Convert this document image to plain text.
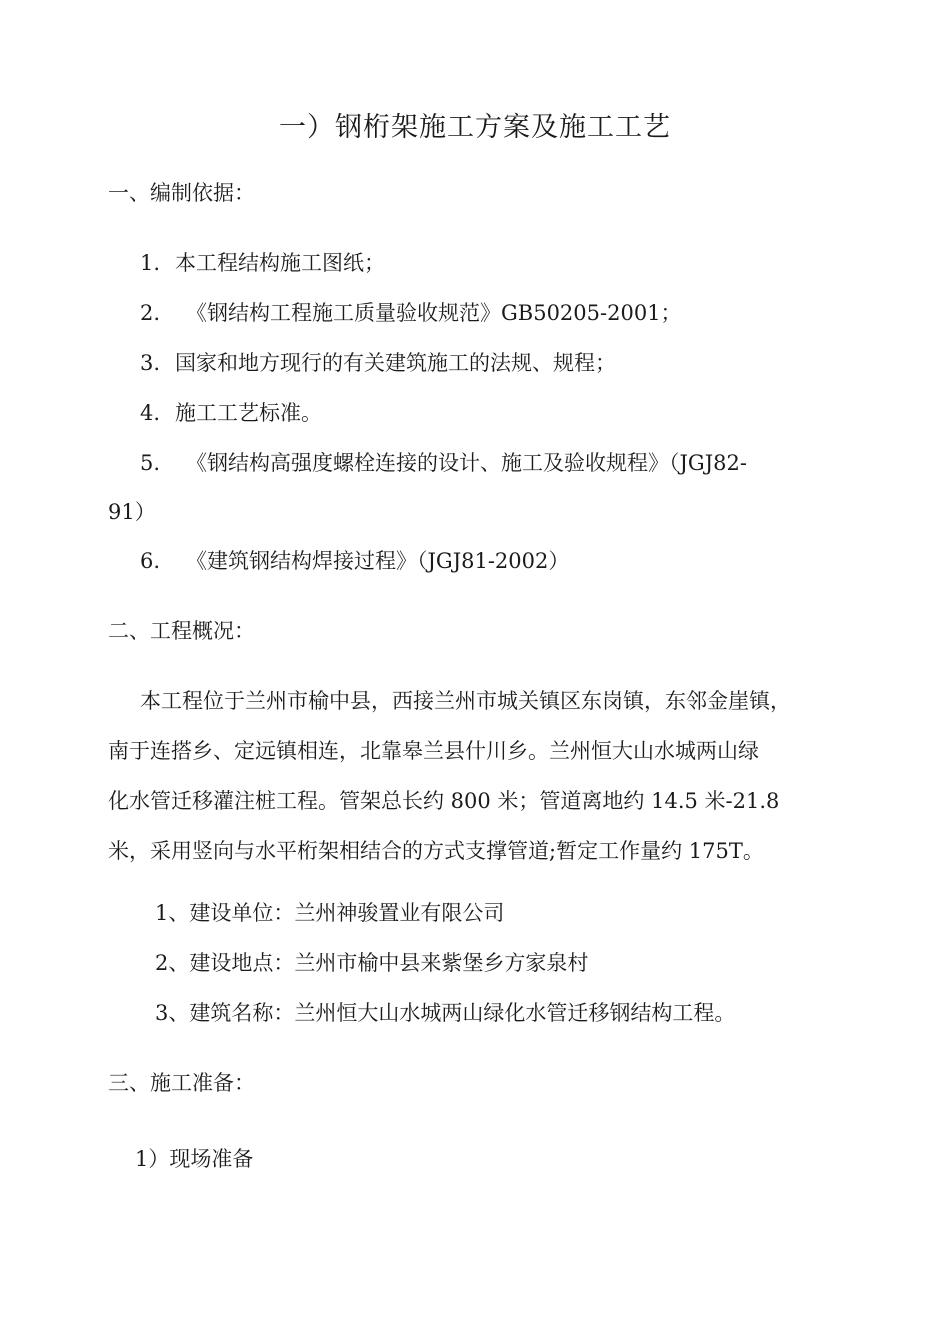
一）钢桁架施工方案及施工工艺
一、编制依据：
1. 本工程结构施工图纸；
2. 《钢结构工程施工质量验收规范》GB50205-2001；
3. 国家和地方现行的有关建筑施工的法规、规程；
4. 施工工艺标准。
5. 《钢结构高强度螺栓连接的设计、施工及验收规程》（JGJ82-
91）
6. 《建筑钢结构焊接过程》（JGJ81-2002）
二、工程概况：
本工程位于兰州市榆中县，西接兰州市城关镇区东岗镇，东邻金崖镇，
南于连搭乡、定远镇相连，北靠皋兰县什川乡。兰州恒大山水城两山绿
化水管迁移灌注桩工程。管架总长约 800 米；管道离地约 14.5 米-21.8
米，采用竖向与水平桁架相结合的方式支撑管道;暂定工作量约 175T。
1、建设单位：兰州神骏置业有限公司
2、建设地点：兰州市榆中县来紫堡乡方家泉村
3、建筑名称：兰州恒大山水城两山绿化水管迁移钢结构工程。
三、施工准备：
1）现场准备
